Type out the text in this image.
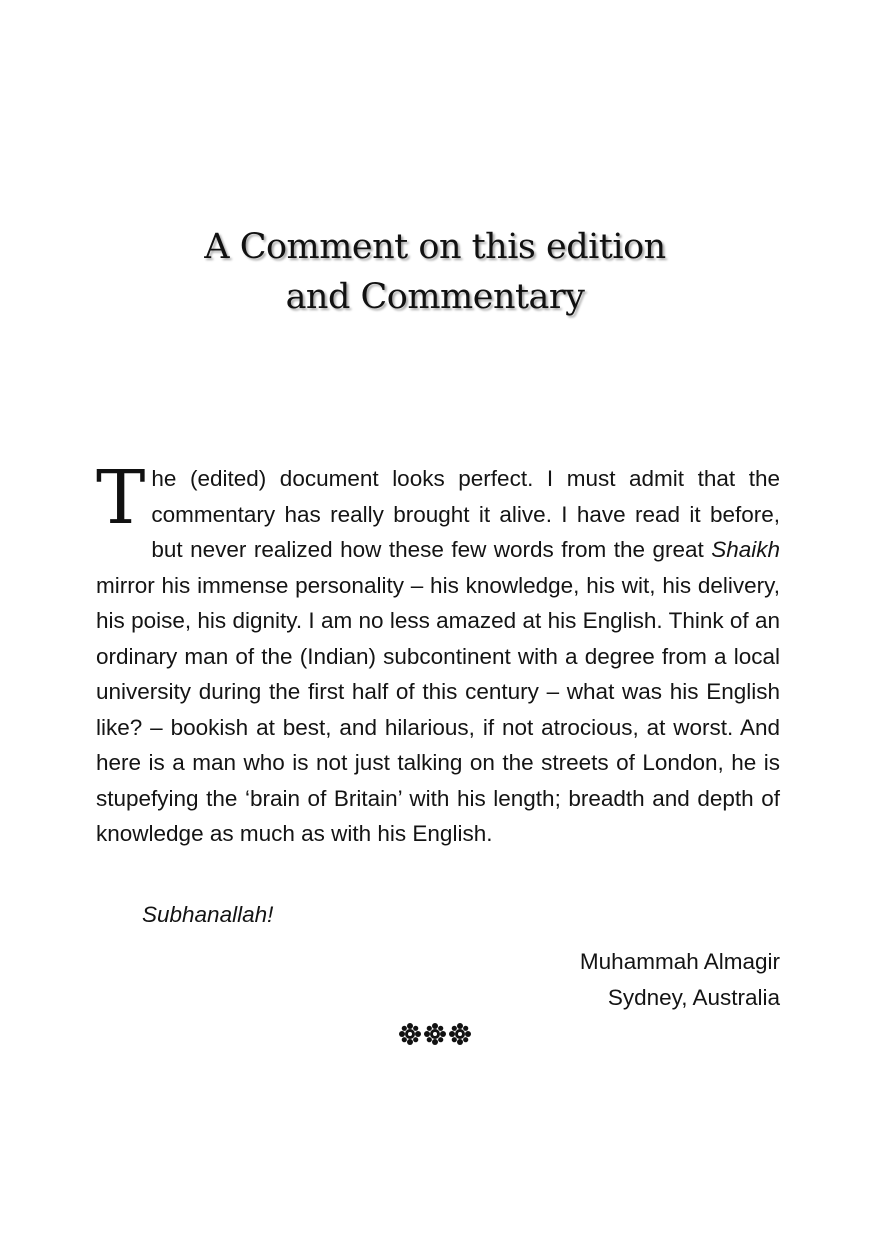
A Comment on this edition
and Commentary
The (edited) document looks perfect. I must admit that the commentary has really brought it alive. I have read it before, but never realized how these few words from the great Shaikh mirror his immense personality – his knowledge, his wit, his delivery, his poise, his dignity. I am no less amazed at his English. Think of an ordinary man of the (Indian) subcontinent with a degree from a local university during the first half of this century – what was his English like? – bookish at best, and hilarious, if not atrocious, at worst. And here is a man who is not just talking on the streets of London, he is stupefying the ‘brain of Britain’ with his length; breadth and depth of knowledge as much as with his English.
Subhanallah!
Muhammah Almagir
Sydney, Australia
